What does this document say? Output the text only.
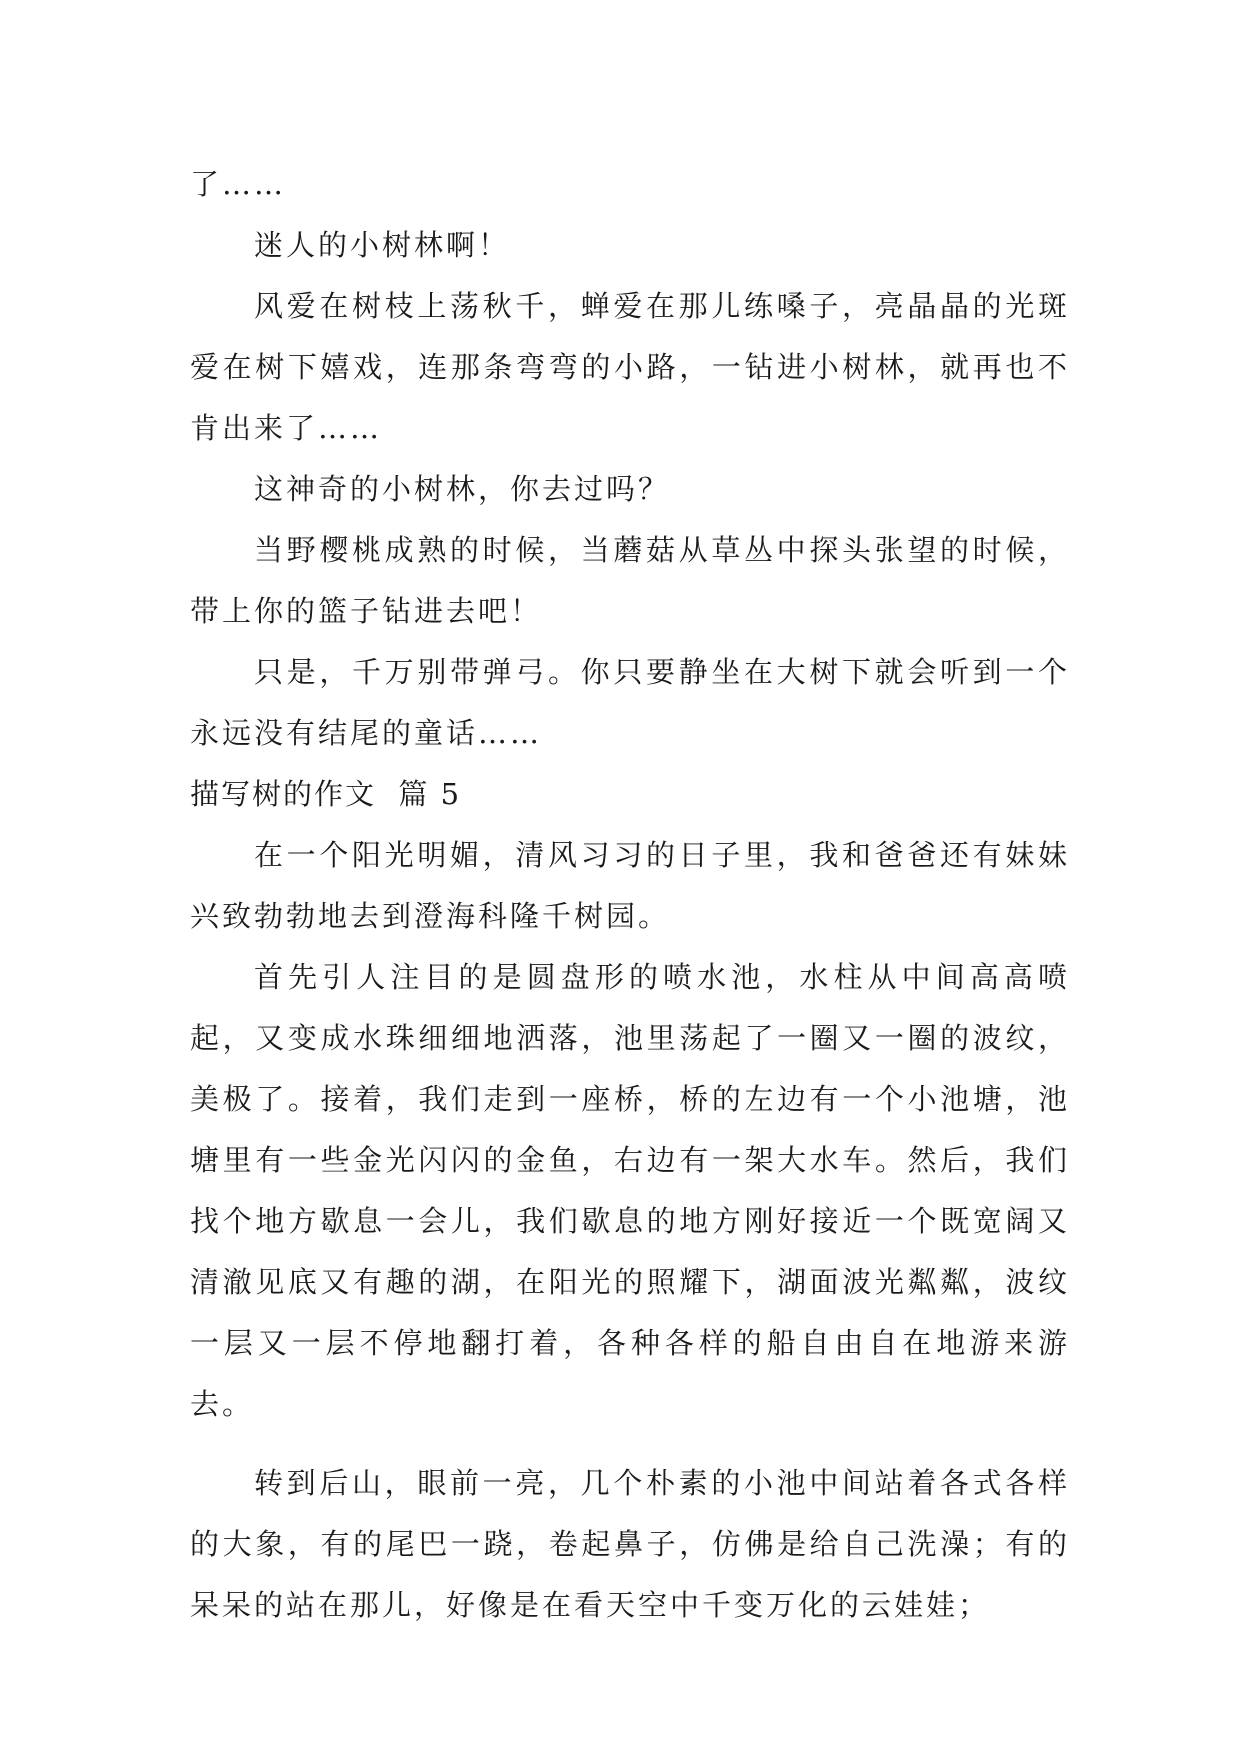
了……

迷人的小树林啊！

风爱在树枝上荡秋千，蝉爱在那儿练嗓子，亮晶晶的光斑爱在树下嬉戏，连那条弯弯的小路，一钻进小树林，就再也不肯出来了……

这神奇的小树林，你去过吗？

当野樱桃成熟的时候，当蘑菇从草丛中探头张望的时候，带上你的篮子钻进去吧！

只是，千万别带弹弓。你只要静坐在大树下就会听到一个永远没有结尾的童话……

描写树的作文  篇 5

在一个阳光明媚，清风习习的日子里，我和爸爸还有妹妹兴致勃勃地去到澄海科隆千树园。

首先引人注目的是圆盘形的喷水池，水柱从中间高高喷起，又变成水珠细细地洒落，池里荡起了一圈又一圈的波纹，美极了。接着，我们走到一座桥，桥的左边有一个小池塘，池塘里有一些金光闪闪的金鱼，右边有一架大水车。然后，我们找个地方歇息一会儿，我们歇息的地方刚好接近一个既宽阔又清澈见底又有趣的湖，在阳光的照耀下，湖面波光粼粼，波纹一层又一层不停地翻打着，各种各样的船自由自在地游来游去。

转到后山，眼前一亮，几个朴素的小池中间站着各式各样的大象，有的尾巴一跷，卷起鼻子，仿佛是给自己洗澡；有的呆呆的站在那儿，好像是在看天空中千变万化的云娃娃；
